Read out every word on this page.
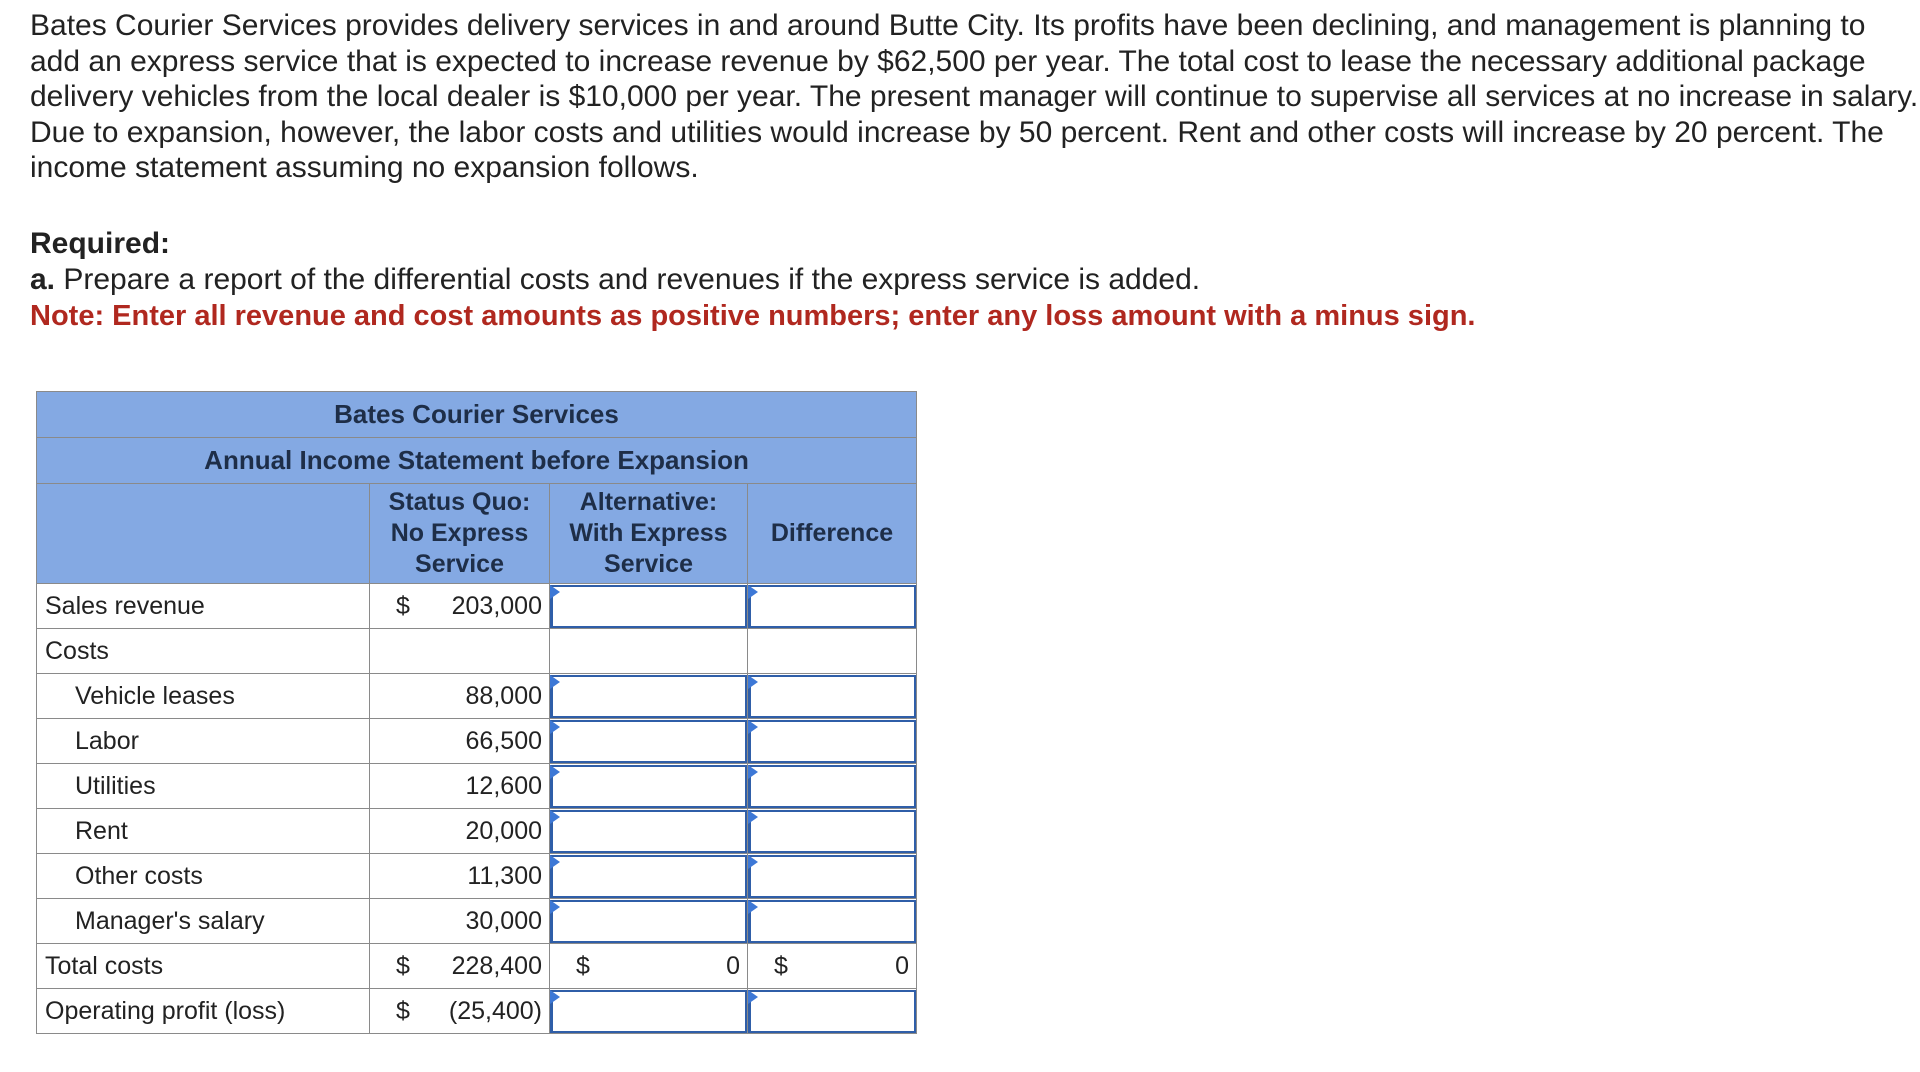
Bates Courier Services provides delivery services in and around Butte City. Its profits have been declining, and management is planning to add an express service that is expected to increase revenue by $62,500 per year. The total cost to lease the necessary additional package delivery vehicles from the local dealer is $10,000 per year. The present manager will continue to supervise all services at no increase in salary. Due to expansion, however, the labor costs and utilities would increase by 50 percent. Rent and other costs will increase by 20 percent. The income statement assuming no expansion follows.

Required:

a. Prepare a report of the differential costs and revenues if the express service is added.

Note: Enter all revenue and cost amounts as positive numbers; enter any loss amount with a minus sign.

Bates Courier Services			
Annual Income Statement before Expansion			
	Status Quo: No Express Service	Alternative: With Express Service	Difference
Sales revenue	$ 203,000	

Costs			
Vehicle leases	88,000	

Labor	66,500	

Utilities	12,600	

Rent	20,000	

Other costs	11,300	

Manager's salary	30,000	

Total costs	$ 228,400	$ 0	$ 0
Operating profit (loss)	$ (25,400)	
